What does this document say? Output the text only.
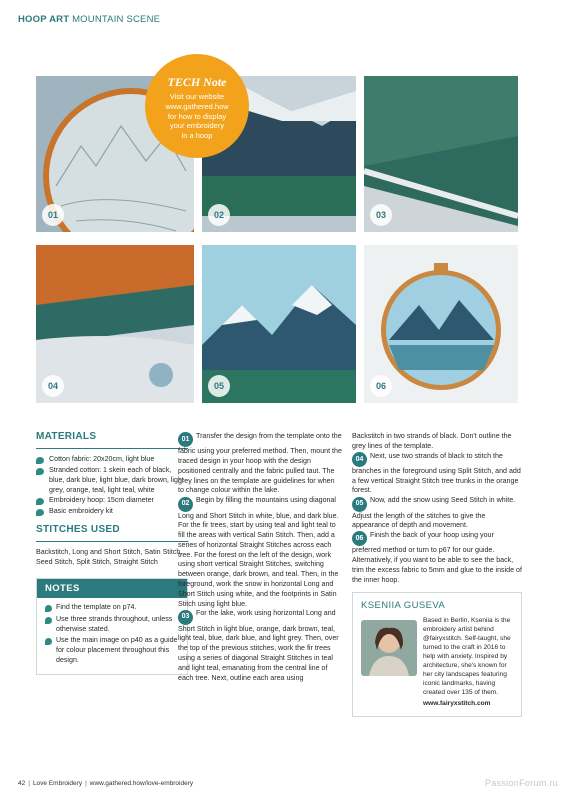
HOOP ART MOUNTAIN SCENE
TECH Note
Visit our website
www.gathered.how
for how to display
your embroidery
in a hoop
01	02	03
04	05	06
MATERIALS
Cotton fabric: 20x20cm, light blue
Stranded cotton: 1 skein each of black, blue, dark blue, light blue, dark brown, light grey, orange, teal, light teal, white
Embroidery hoop: 15cm diameter
Basic embroidery kit
STITCHES USED
Backstitch, Long and Short Stitch, Satin Stitch, Seed Stitch, Split Stitch, Straight Stitch
NOTES

Find the template on p74.

Use three strands throughout, unless otherwise stated.

Use the main image on p40 as a guide for colour placement throughout this design.

01 Transfer the design from the template onto the fabric using your preferred method. Then, mount the traced design in your hoop with the design positioned centrally and the fabric pulled taut. The grey lines on the template are guidelines for when to change colour within the lake.

02 Begin by filling the mountains using diagonal Long and Short Stitch in white, blue, and dark blue. For the fir trees, start by using teal and light teal to fill the areas with vertical Satin Stitch. Then, add a series of horizontal Straight Stitches across each tree. For the forest on the left of the design, work using short vertical Straight Stitches, switching between orange, dark brown, and teal. Then, in the foreground, work the snow in horizontal Long and Short Stitch using white, and the footprints in Satin Stitch using light blue.

03 For the lake, work using horizontal Long and Short Stitch in light blue, orange, dark brown, teal, light teal, blue, dark blue, and light grey. Then, over the top of the previous stitches, work the fir trees using a series of diagonal Straight Stitches in teal and light teal, emanating from the central line of each tree. Next, outline each area using

Backstitch in two strands of black. Don't outline the grey lines of the template.

04 Next, use two strands of black to stitch the branches in the foreground using Split Stitch, and add a few vertical Straight Stitch tree trunks in the orange forest.

05 Now, add the snow using Seed Stitch in white. Adjust the length of the stitches to give the appearance of depth and movement.

06 Finish the back of your hoop using your preferred method or turn to p67 for our guide. Alternatively, if you want to be able to see the back, trim the excess fabric to 5mm and glue to the inside of the inner hoop.

KSENIIA GUSEVA
Based in Berlin, Kseniia is the embroidery artist behind @fairyxstitch. Self-taught, she turned to the craft in 2016 to help with anxiety. Inspired by architecture, she's known for her city landscapes featuring iconic landmarks, having created over 135 of them.
www.fairyxstitch.com
42 | Love Embroidery | www.gathered.how/love-embroidery	PassionForum.ru
